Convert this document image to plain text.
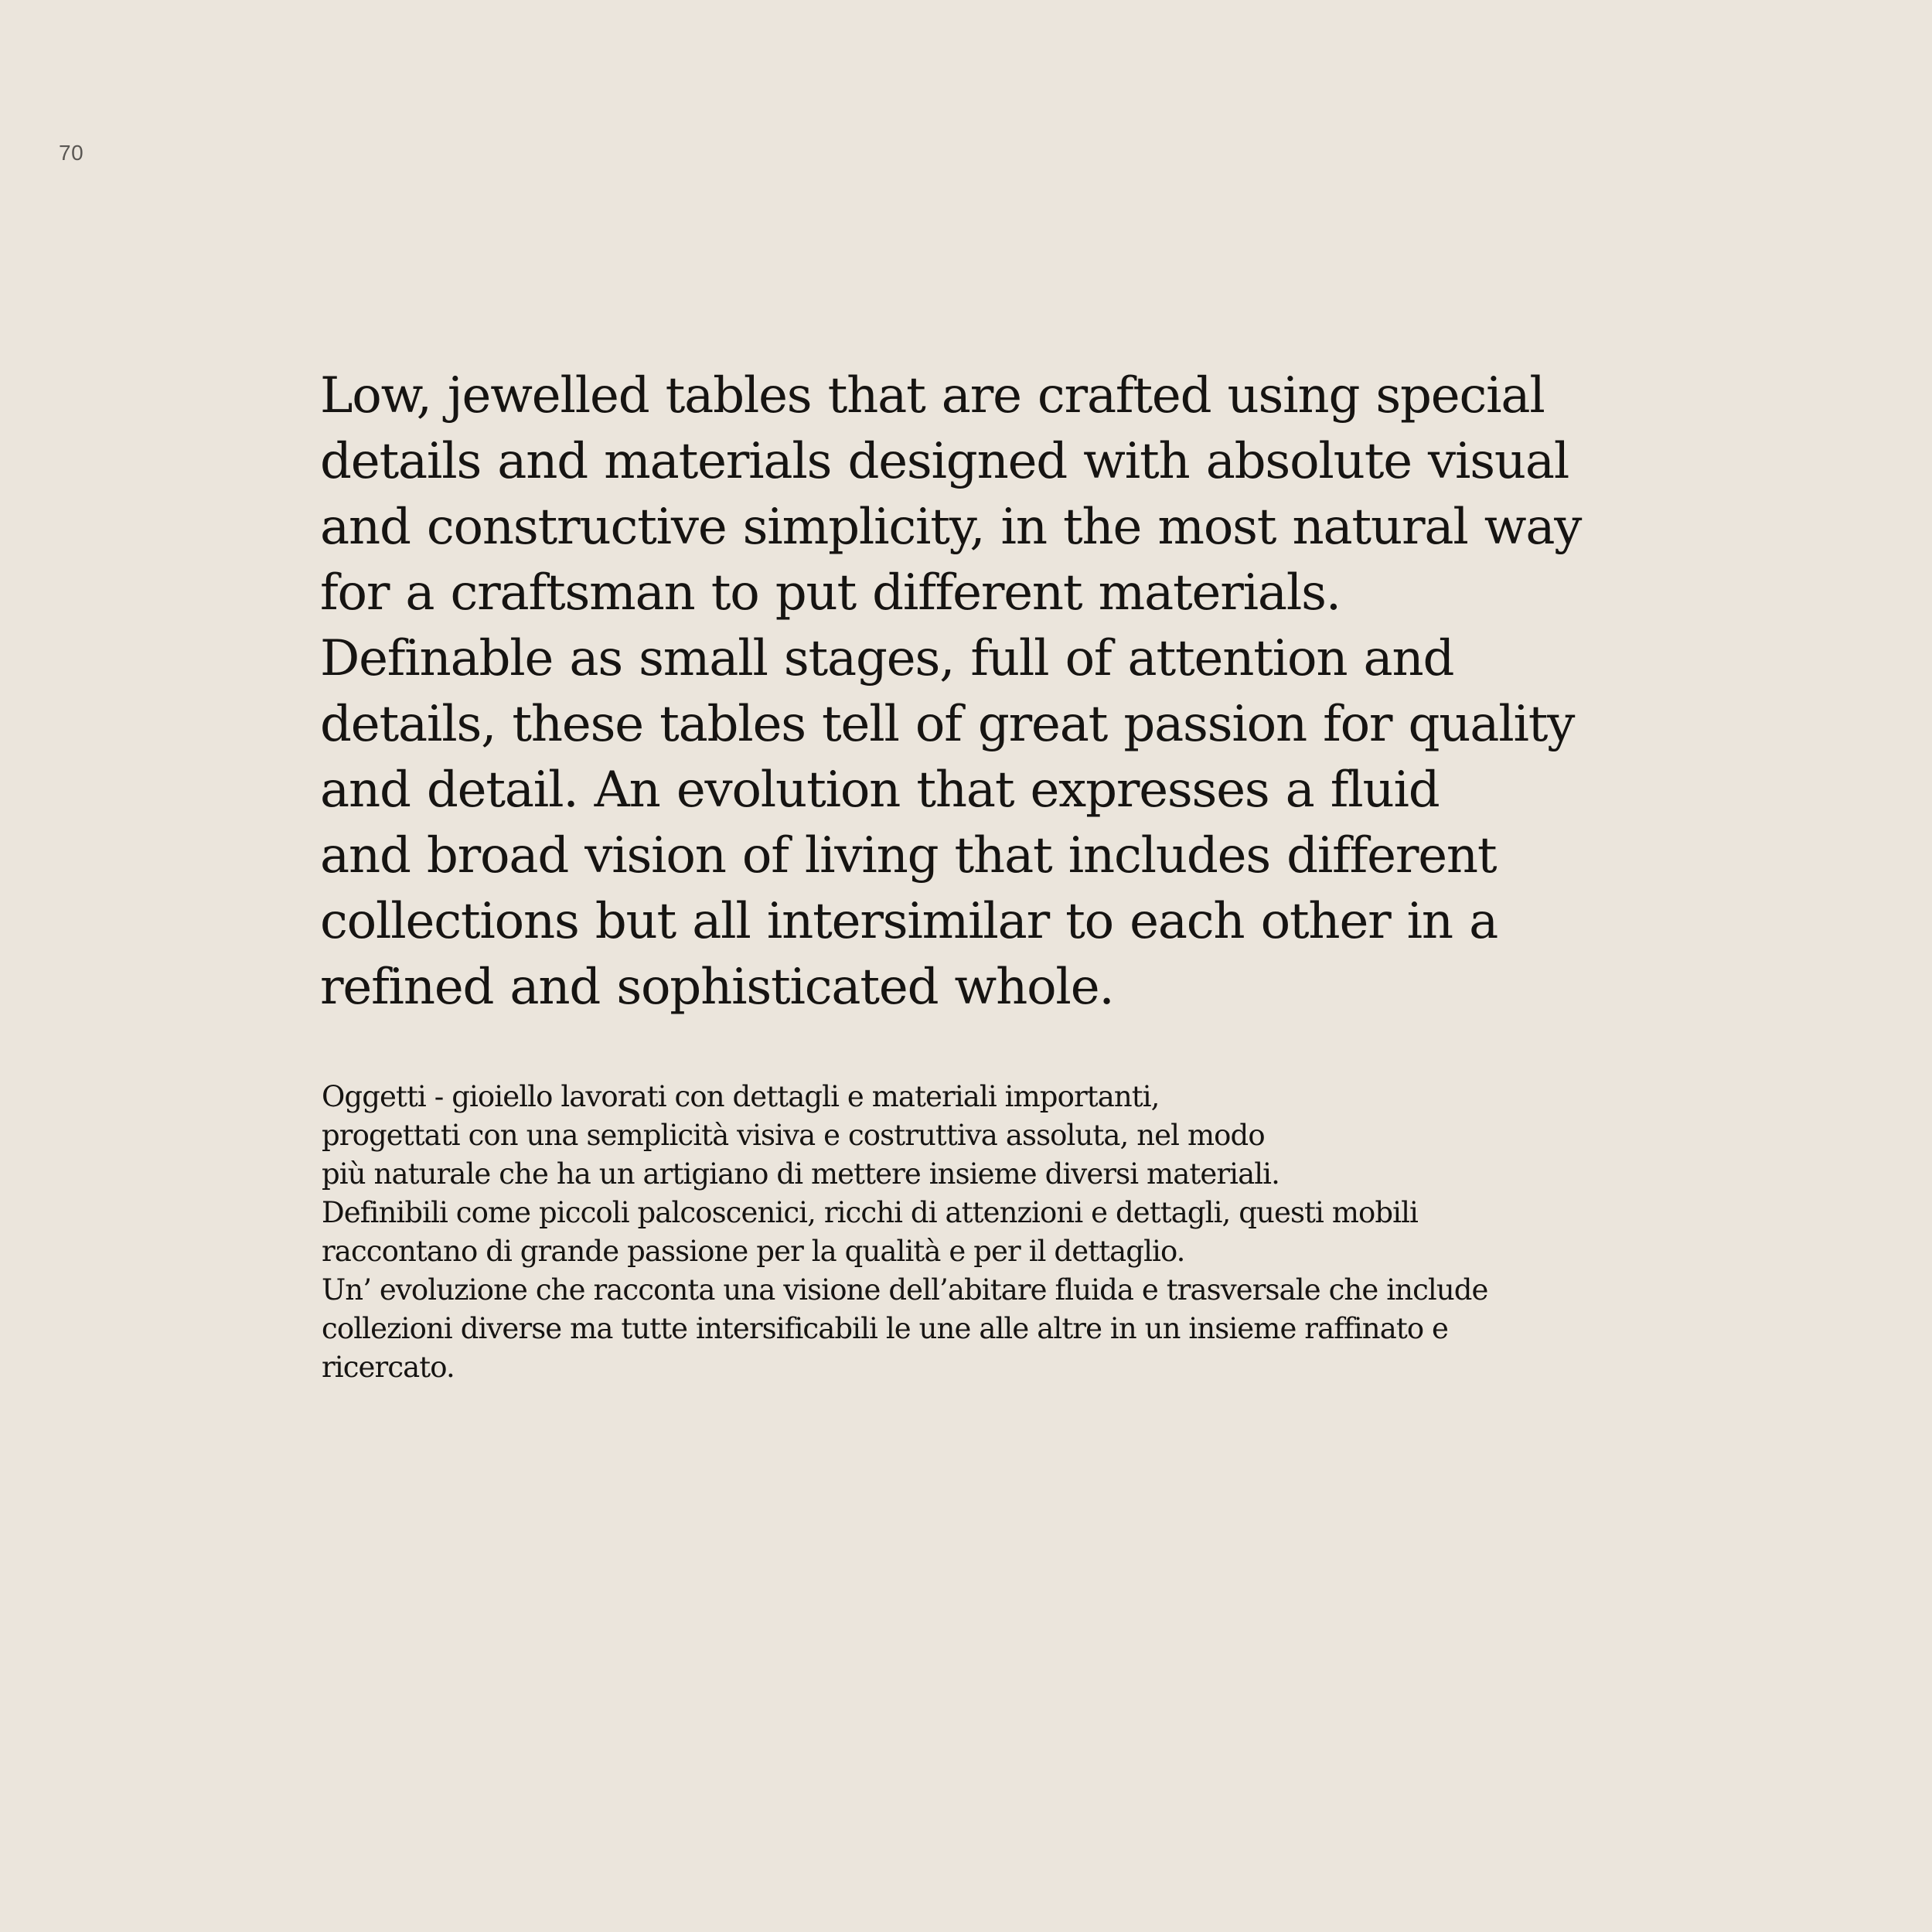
70
Low, jewelled tables that are crafted using special
details and materials designed with absolute visual
and constructive simplicity, in the most natural way
for a craftsman to put different materials.
Definable as small stages, full of attention and
details, these tables tell of great passion for quality
and detail. An evolution that expresses a fluid
and broad vision of living that includes different
collections but all intersimilar to each other in a
refined and sophisticated whole.
Oggetti - gioiello lavorati con dettagli e materiali importanti,
progettati con una semplicità visiva e costruttiva assoluta, nel modo
più naturale che ha un artigiano di mettere insieme diversi materiali.
Definibili come piccoli palcoscenici, ricchi di attenzioni e dettagli, questi mobili
raccontano di grande passione per la qualità e per il dettaglio.
Un’ evoluzione che racconta una visione dell’abitare fluida e trasversale che include
collezioni diverse ma tutte intersificabili le une alle altre in un insieme raffinato e
ricercato.
